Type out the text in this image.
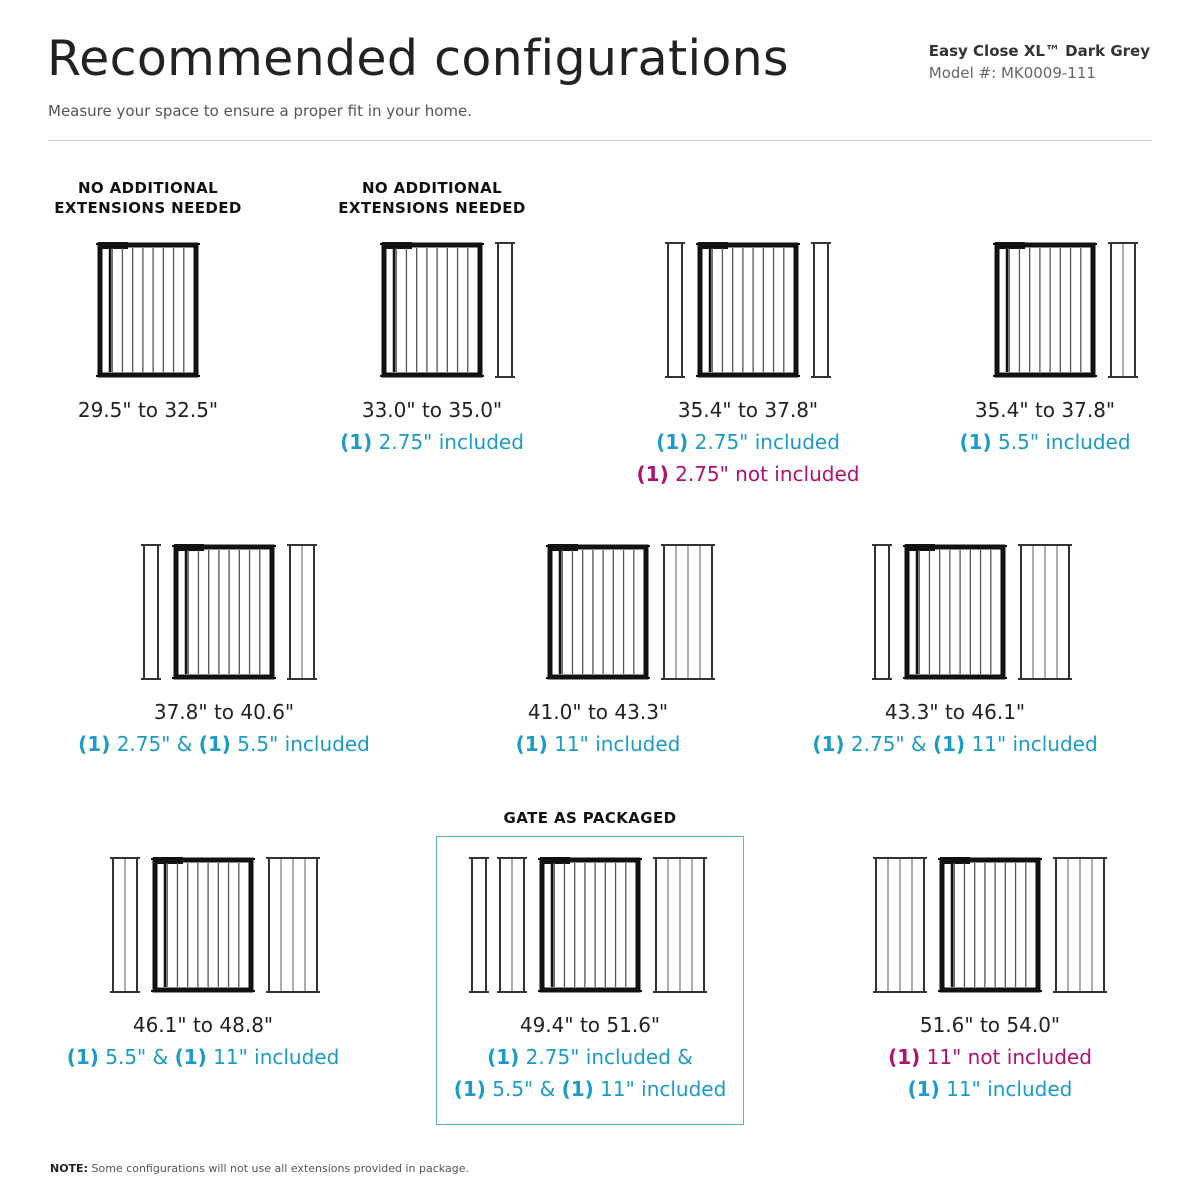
Recommended configurations
Measure your space to ensure a proper fit in your home.
Easy Close XL™ Dark Grey
Model #: MK0009-111
NO ADDITIONAL
EXTENSIONS NEEDED
29.5" to 32.5"
NO ADDITIONAL
EXTENSIONS NEEDED
33.0" to 35.0"
(1) 2.75" included
35.4" to 37.8"
(1) 2.75" included
(1) 2.75" not included
35.4" to 37.8"
(1) 5.5" included
37.8" to 40.6"
(1) 2.75" & (1) 5.5" included
41.0" to 43.3"
(1) 11" included
43.3" to 46.1"
(1) 2.75" & (1) 11" included
46.1" to 48.8"
(1) 5.5" & (1) 11" included
GATE AS PACKAGED
49.4" to 51.6"
(1) 2.75" included &
(1) 5.5" & (1) 11" included
51.6" to 54.0"
(1) 11" not included
(1) 11" included
NOTE: Some configurations will not use all extensions provided in package.
